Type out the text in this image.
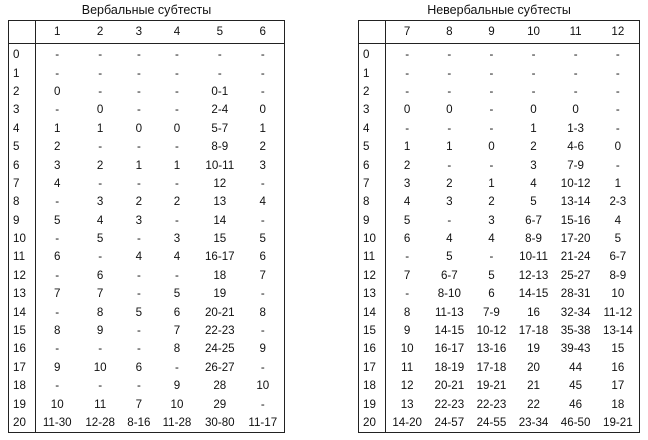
Вербальные субтесты
	1	2	3	4	5	6
0	-	-	-	-	-	-
1	-	-	-	-	-	-
2	0	-	-	-	0-1	-
3	-	0	-	-	2-4	0
4	1	1	0	0	5-7	1
5	2	-	-	-	8-9	2
6	3	2	1	1	10-11	3
7	4	-	-	-	12	-
8	-	3	2	2	13	4
9	5	4	3	-	14	-
10	-	5	-	3	15	5
11	6	-	4	4	16-17	6
12	-	6	-	-	18	7
13	7	7	-	5	19	-
14	-	8	5	6	20-21	8
15	8	9	-	7	22-23	-
16	-	-	-	8	24-25	9
17	9	10	6	-	26-27	-
18	-	-	-	9	28	10
19	10	11	7	10	29	-
20	11-30	12-28	8-16	11-28	30-80	11-17
Невербальные субтесты
	7	8	9	10	11	12
0	-	-	-	-	-	-
1	-	-	-	-	-	-
2	-	-	-	-	-	-
3	0	0	-	0	0	-
4	-	-	-	1	1-3	-
5	1	1	0	2	4-6	0
6	2	-	-	3	7-9	-
7	3	2	1	4	10-12	1
8	4	3	2	5	13-14	2-3
9	5	-	3	6-7	15-16	4
10	6	4	4	8-9	17-20	5
11	-	5	-	10-11	21-24	6-7
12	7	6-7	5	12-13	25-27	8-9
13	-	8-10	6	14-15	28-31	10
14	8	11-13	7-9	16	32-34	11-12
15	9	14-15	10-12	17-18	35-38	13-14
16	10	16-17	13-16	19	39-43	15
17	11	18-19	17-18	20	44	16
18	12	20-21	19-21	21	45	17
19	13	22-23	22-23	22	46	18
20	14-20	24-57	24-55	23-34	46-50	19-21
